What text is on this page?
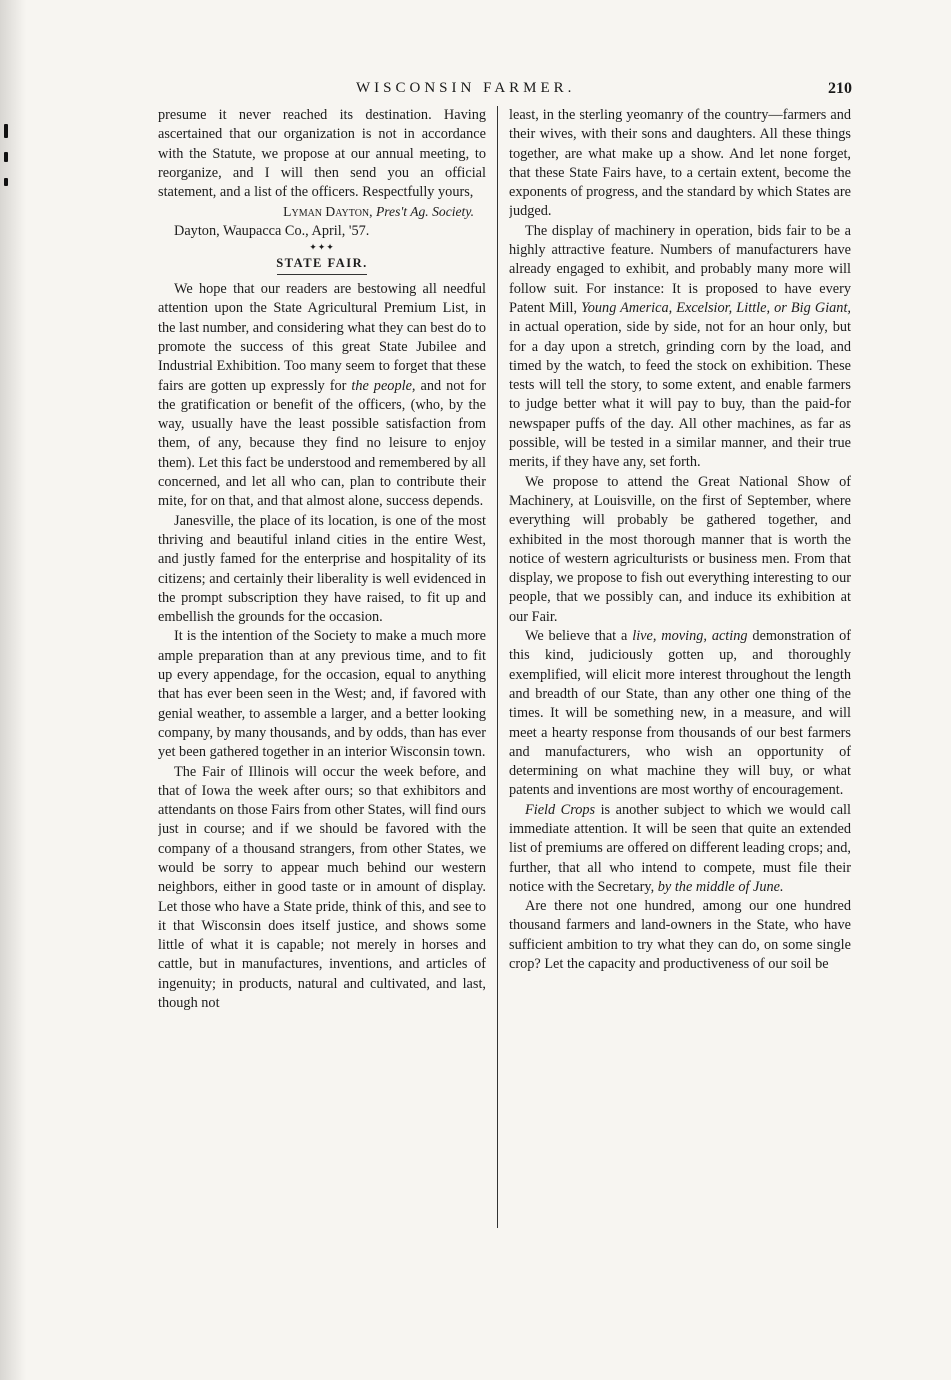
WISCONSIN FARMER.	210

presume it never reached its destination. Having ascertained that our organization is not in accordance with the Statute, we propose at our annual meeting, to reorganize, and I will then send you an official statement, and a list of the officers. Respectfully yours,

Lyman Dayton, Pres't Ag. Society.

Dayton, Waupacca Co., April, '57.

✦✦✦
STATE FAIR.

We hope that our readers are bestowing all needful attention upon the State Agricultural Premium List, in the last number, and considering what they can best do to promote the success of this great State Jubilee and Industrial Exhibition. Too many seem to forget that these fairs are gotten up expressly for the people, and not for the gratification or benefit of the officers, (who, by the way, usually have the least possible satisfaction from them, of any, because they find no leisure to enjoy them). Let this fact be understood and remembered by all concerned, and let all who can, plan to contribute their mite, for on that, and that almost alone, success depends.

Janesville, the place of its location, is one of the most thriving and beautiful inland cities in the entire West, and justly famed for the enterprise and hospitality of its citizens; and certainly their liberality is well evidenced in the prompt subscription they have raised, to fit up and embellish the grounds for the occasion.

It is the intention of the Society to make a much more ample preparation than at any previous time, and to fit up every appendage, for the occasion, equal to anything that has ever been seen in the West; and, if favored with genial weather, to assemble a larger, and a better looking company, by many thousands, and by odds, than has ever yet been gathered together in an interior Wisconsin town.

The Fair of Illinois will occur the week before, and that of Iowa the week after ours; so that exhibitors and attendants on those Fairs from other States, will find ours just in course; and if we should be favored with the company of a thousand strangers, from other States, we would be sorry to appear much behind our western neighbors, either in good taste or in amount of display. Let those who have a State pride, think of this, and see to it that Wisconsin does itself justice, and shows some little of what it is capable; not merely in horses and cattle, but in manufactures, inventions, and articles of ingenuity; in products, natural and cultivated, and last, though not

least, in the sterling yeomanry of the country—farmers and their wives, with their sons and daughters. All these things together, are what make up a show. And let none forget, that these State Fairs have, to a certain extent, become the exponents of progress, and the standard by which States are judged.

The display of machinery in operation, bids fair to be a highly attractive feature. Numbers of manufacturers have already engaged to exhibit, and probably many more will follow suit. For instance: It is proposed to have every Patent Mill, Young America, Excelsior, Little, or Big Giant, in actual operation, side by side, not for an hour only, but for a day upon a stretch, grinding corn by the load, and timed by the watch, to feed the stock on exhibition. These tests will tell the story, to some extent, and enable farmers to judge better what it will pay to buy, than the paid-for newspaper puffs of the day. All other machines, as far as possible, will be tested in a similar manner, and their true merits, if they have any, set forth.

We propose to attend the Great National Show of Machinery, at Louisville, on the first of September, where everything will probably be gathered together, and exhibited in the most thorough manner that is worth the notice of western agriculturists or business men. From that display, we propose to fish out everything interesting to our people, that we possibly can, and induce its exhibition at our Fair.

We believe that a live, moving, acting demonstration of this kind, judiciously gotten up, and thoroughly exemplified, will elicit more interest throughout the length and breadth of our State, than any other one thing of the times. It will be something new, in a measure, and will meet a hearty response from thousands of our best farmers and manufacturers, who wish an opportunity of determining on what machine they will buy, or what patents and inventions are most worthy of encouragement.

Field Crops is another subject to which we would call immediate attention. It will be seen that quite an extended list of premiums are offered on different leading crops; and, further, that all who intend to compete, must file their notice with the Secretary, by the middle of June.

Are there not one hundred, among our one hundred thousand farmers and land-owners in the State, who have sufficient ambition to try what they can do, on some single crop? Let the capacity and productiveness of our soil be
